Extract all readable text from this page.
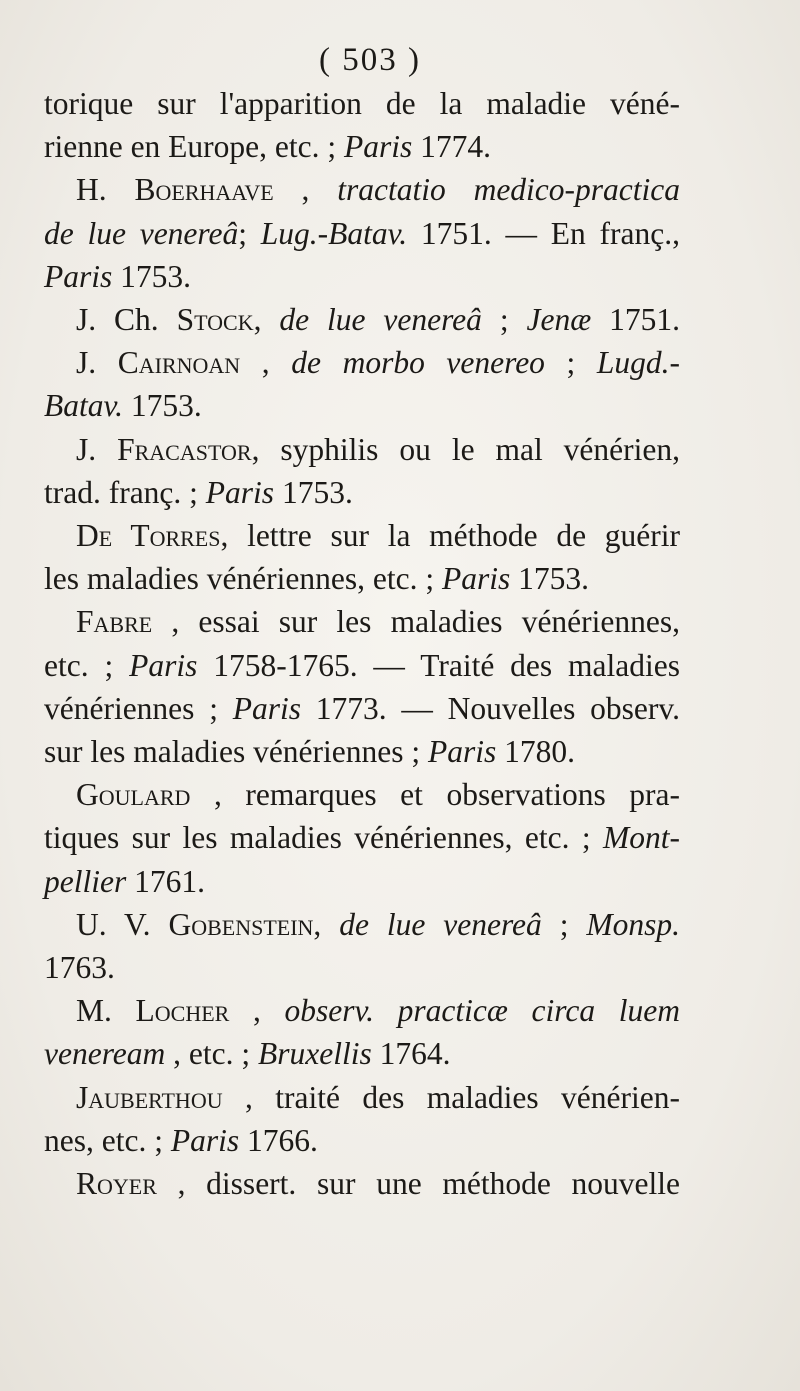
( 503 )
torique sur l'apparition de la maladie véné-
rienne en Europe, etc. ; Paris 1774.
H. Boerhaave , tractatio medico-practica
de lue venereâ; Lug.-Batav. 1751. — En franç.,
Paris 1753.
J. Ch. Stock, de lue venereâ ; Jenæ 1751.
J. Cairnoan , de morbo venereo ; Lugd.-
Batav. 1753.
J. Fracastor, syphilis ou le mal vénérien,
trad. franç. ; Paris 1753.
De Torres, lettre sur la méthode de guérir
les maladies vénériennes, etc. ; Paris 1753.
Fabre , essai sur les maladies vénériennes,
etc. ; Paris 1758-1765. — Traité des maladies
vénériennes ; Paris 1773. — Nouvelles observ.
sur les maladies vénériennes ; Paris 1780.
Goulard , remarques et observations pra-
tiques sur les maladies vénériennes, etc. ; Mont-
pellier 1761.
U. V. Gobenstein, de lue venereâ ; Monsp.
1763.
M. Locher , observ. practicæ circa luem
veneream , etc. ; Bruxellis 1764.
Jauberthou , traité des maladies vénérien-
nes, etc. ; Paris 1766.
Royer , dissert. sur une méthode nouvelle
